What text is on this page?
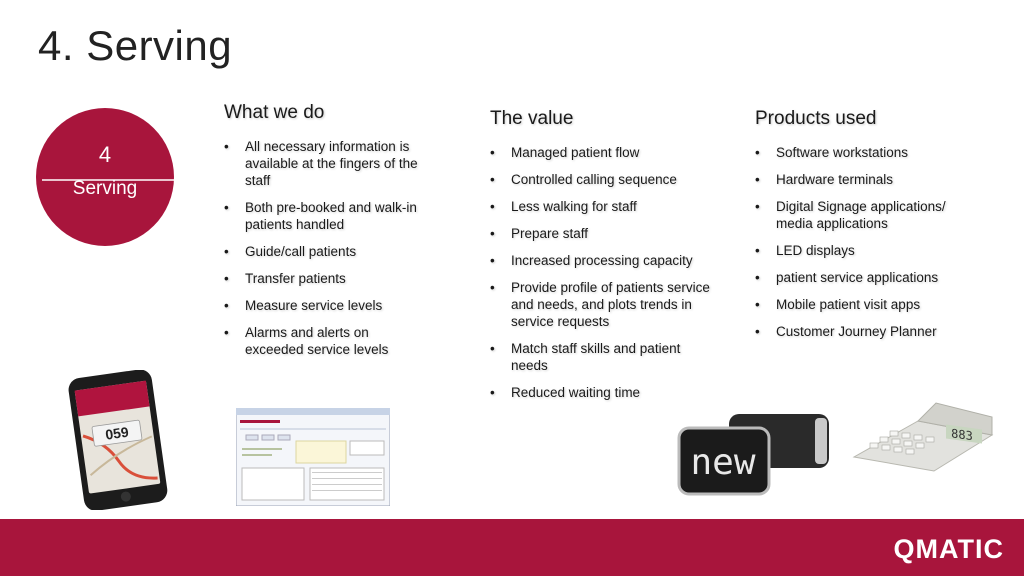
4. Serving
4
Serving
What we do
• All necessary information is available at the fingers of the staff
• Both pre-booked and walk-in patients handled
• Guide/call patients
• Transfer patients
• Measure service levels
• Alarms and alerts on exceeded service levels
The value
• Managed patient flow
• Controlled calling sequence
• Less walking for staff
• Prepare staff
• Increased processing capacity
• Provide profile of patients service and needs, and plots trends in service requests
• Match staff skills and patient needs
• Reduced waiting time
Products used
• Software workstations
• Hardware terminals
• Digital Signage applications/ media applications
• LED displays
• patient service applications
• Mobile patient visit apps
• Customer Journey Planner
059
new
883
QMATIC
